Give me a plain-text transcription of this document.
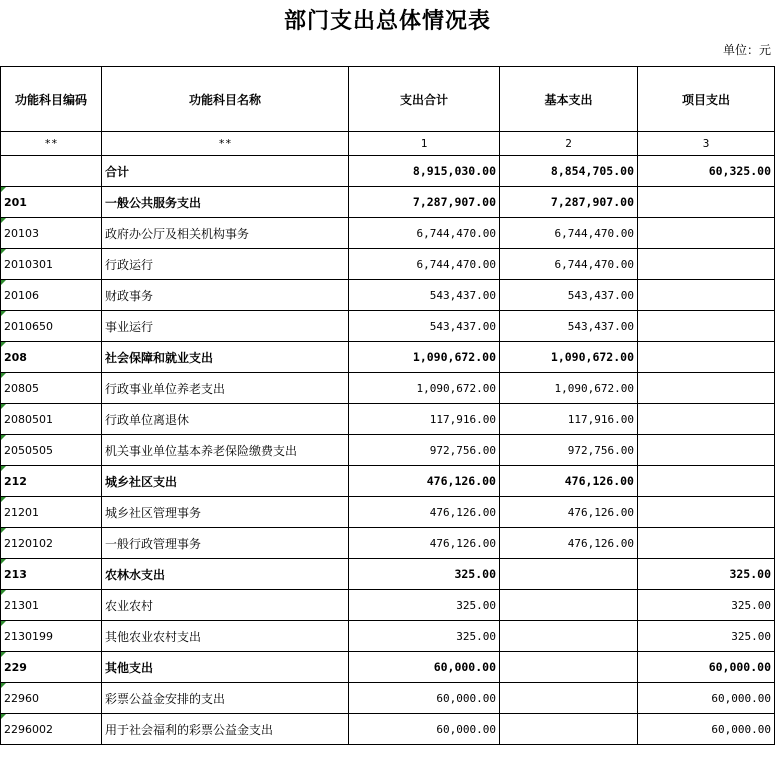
部门支出总体情况表
单位：元
功能科目编码	功能科目名称	支出合计	基本支出	项目支出
**	**	1	2	3
	合计	8,915,030.00	8,854,705.00	60,325.00
201	一般公共服务支出	7,287,907.00	7,287,907.00	
20103	政府办公厅及相关机构事务	6,744,470.00	6,744,470.00	
2010301	行政运行	6,744,470.00	6,744,470.00	
20106	财政事务	543,437.00	543,437.00	
2010650	事业运行	543,437.00	543,437.00	
208	社会保障和就业支出	1,090,672.00	1,090,672.00	
20805	行政事业单位养老支出	1,090,672.00	1,090,672.00	
2080501	行政单位离退休	117,916.00	117,916.00	
2050505	机关事业单位基本养老保险缴费支出	972,756.00	972,756.00	
212	城乡社区支出	476,126.00	476,126.00	
21201	城乡社区管理事务	476,126.00	476,126.00	
2120102	一般行政管理事务	476,126.00	476,126.00	
213	农林水支出	325.00		325.00
21301	农业农村	325.00		325.00
2130199	其他农业农村支出	325.00		325.00
229	其他支出	60,000.00		60,000.00
22960	彩票公益金安排的支出	60,000.00		60,000.00
2296002	用于社会福利的彩票公益金支出	60,000.00		60,000.00
